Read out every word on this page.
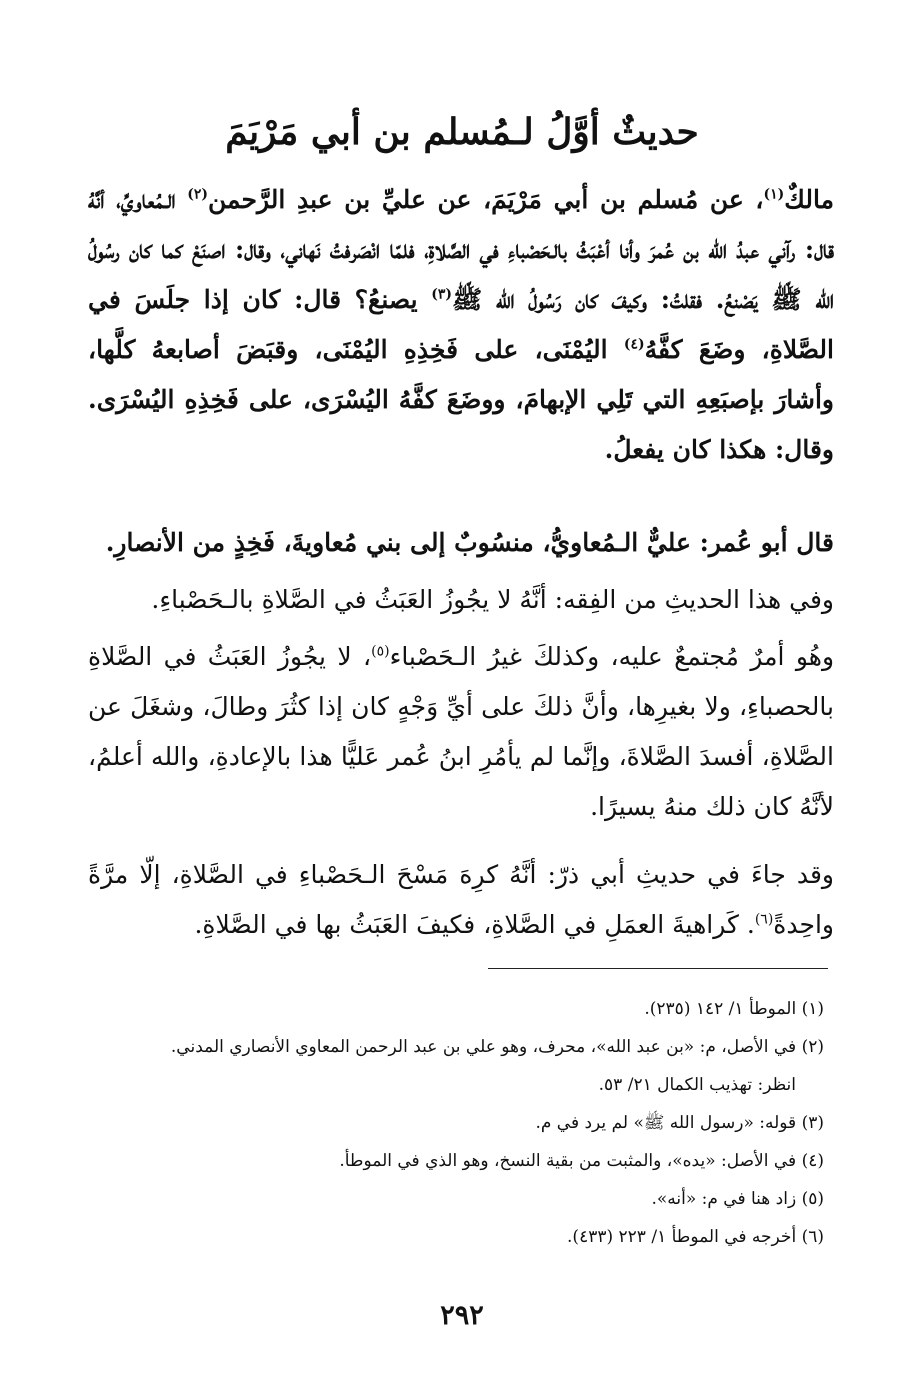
حديثٌ أوَّلُ لـمُسلم بن أبي مَرْيَمَ

مالكٌ$^{(١)}$، عن مُسلم بن أبي مَرْيَمَ، عن عليِّ بن عبدِ الرَّحمن$^{(٢)}$ الـمُعاويِّ، أنَّهُ قال: رآني عبدُ الله بن عُمرَ وأنا أعْبَثُ بالـحَصْباءِ في الصَّلاةِ، فلمّا انْصَرفتُ نَهاني، وقال: اصنَعْ كما كان رسُولُ الله ﷺ يَصْنعُ. فقلتُ: وكيفَ كان رَسُولُ الله ﷺ$^{(٣)}$ يصنعُ؟ قال: كان إذا جلَسَ في الصَّلاةِ، وضَعَ كفَّهُ$^{(٤)}$ اليُمْنَى، على فَخِذِهِ اليُمْنَى، وقبَضَ أصابعهُ كلَّها، وأشارَ بإصبَعِهِ التي تَلِي الإبهامَ، ووضَعَ كفَّهُ اليُسْرَى، على فَخِذِهِ اليُسْرَى. وقال: هكذا كان يفعلُ.

قال أبو عُمر: عليٌّ الـمُعاويُّ، منسُوبٌ إلى بني مُعاويةَ، فَخِذٍ من الأنصارِ.

وفي هذا الحديثِ من الفِقه: أنَّهُ لا يجُوزُ العَبَثُ في الصَّلاةِ بالـحَصْباءِ.

وهُو أمرٌ مُجتمعٌ عليه، وكذلكَ غيرُ الـحَصْباء$^{(٥)}$، لا يجُوزُ العَبَثُ في الصَّلاةِ بالحصباءِ، ولا بغيرِها، وأنَّ ذلكَ على أيِّ وَجْهٍ كان إذا كثُرَ وطالَ، وشغَلَ عن الصَّلاةِ، أفسدَ الصَّلاةَ، وإنَّما لم يأمُرِ ابنُ عُمر عَليًّا هذا بالإعادةِ، والله أعلمُ، لأنَّهُ كان ذلك منهُ يسيرًا.

وقد جاءَ في حديثِ أبي ذرّ: أنَّهُ كرِهَ مَسْحَ الـحَصْباءِ في الصَّلاةِ، إلّا مرَّةً واحِدةً$^{(٦)}$. كَراهيةَ العمَلِ في الصَّلاةِ، فكيفَ العَبَثُ بها في الصَّلاةِ.

(١) الموطأ ١/ ١٤٢ (٢٣٥).

(٢) في الأصل، م: «بن عبد الله»، محرف، وهو علي بن عبد الرحمن المعاوي الأنصاري المدني.

انظر: تهذيب الكمال ٢١/ ٥٣.

(٣) قوله: «رسول الله ﷺ» لم يرد في م.

(٤) في الأصل: «يده»، والمثبت من بقية النسخ، وهو الذي في الموطأ.

(٥) زاد هنا في م: «أنه».

(٦) أخرجه في الموطأ ١/ ٢٢٣ (٤٣٣).

٢٩٢
